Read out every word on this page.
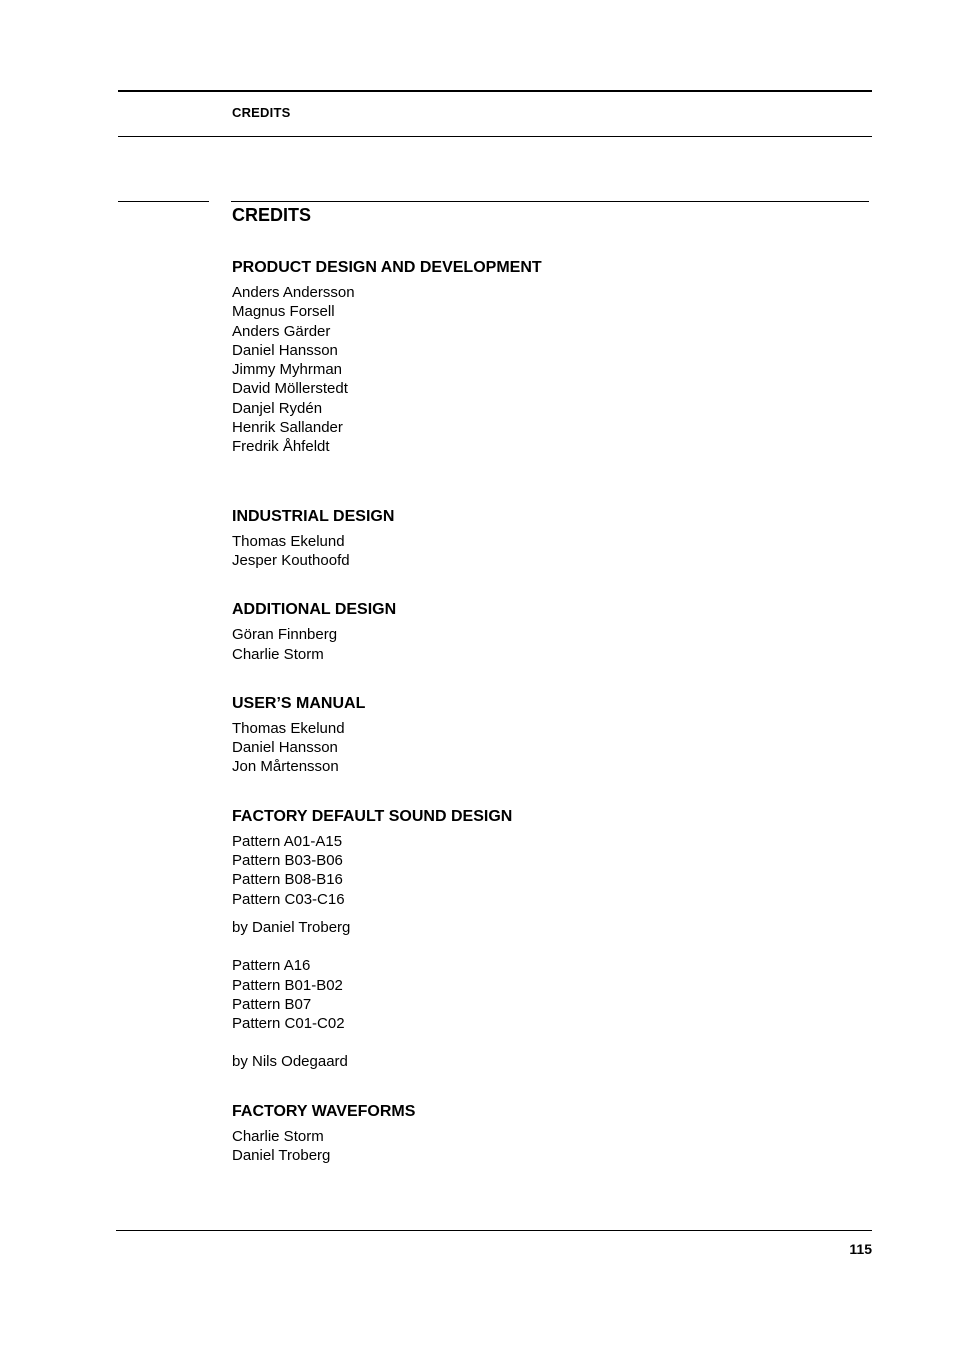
CREDITS
CREDITS
PRODUCT DESIGN AND DEVELOPMENT
Anders Andersson
Magnus Forsell
Anders Gärder
Daniel Hansson
Jimmy Myhrman
David Möllerstedt
Danjel Rydén
Henrik Sallander
Fredrik Åhfeldt
INDUSTRIAL DESIGN
Thomas Ekelund
Jesper Kouthoofd
ADDITIONAL DESIGN
Göran Finnberg
Charlie Storm
USER’S MANUAL
Thomas Ekelund
Daniel Hansson
Jon Mårtensson
FACTORY DEFAULT SOUND DESIGN
Pattern A01-A15
Pattern B03-B06
Pattern B08-B16
Pattern C03-C16
by Daniel Troberg
Pattern A16
Pattern B01-B02
Pattern B07
Pattern C01-C02
by Nils Odegaard
FACTORY WAVEFORMS
Charlie Storm
Daniel Troberg
115
